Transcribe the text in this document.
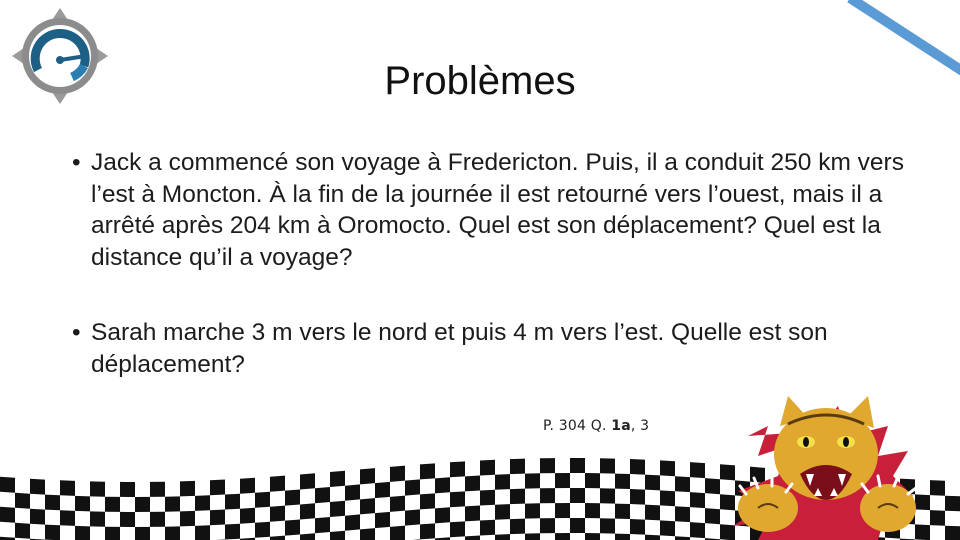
Problèmes
• Jack a commencé son voyage à Fredericton. Puis, il a conduit 250 km vers l’est à Moncton. À la fin de la journée il est retourné vers l’ouest, mais il a arrêté après 204 km à Oromocto. Quel est son déplacement? Quel est la distance qu’il a voyage?
• Sarah marche 3 m vers le nord et puis 4 m vers l’est. Quelle est son déplacement?
P. 304 Q. 1a, 3
